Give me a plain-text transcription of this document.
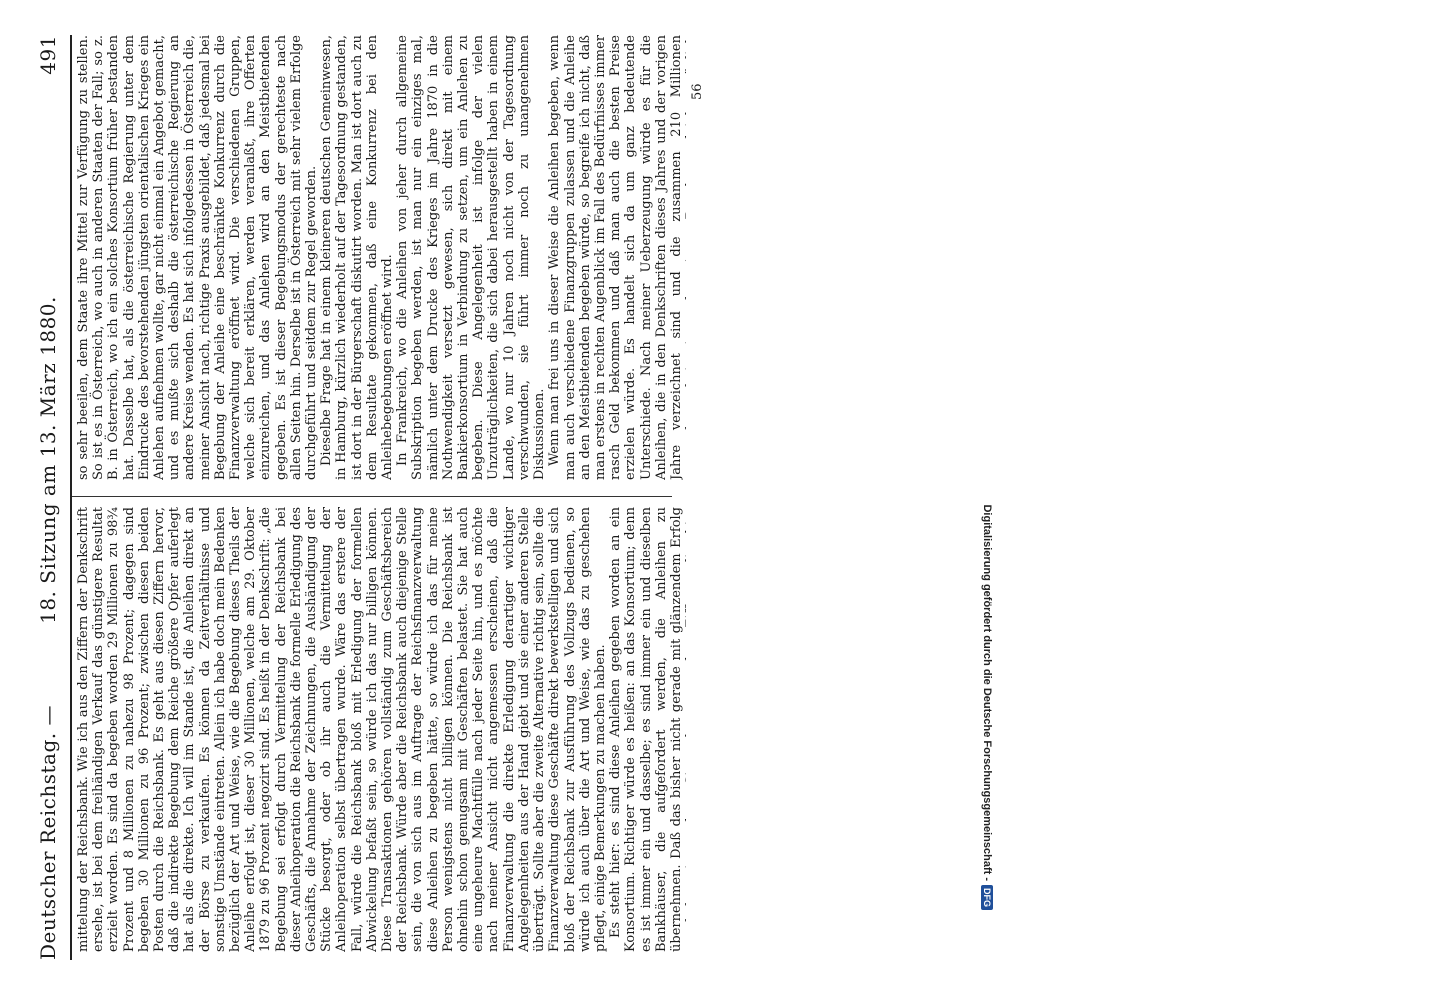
Deutscher Reichstag. —
18. Sitzung am 13. März 1880.
491

mittelung der Reichsbank. Wie ich aus den Ziffern der Denkschrift ersehe, ist bei dem freihändigen Verkauf das günstigere Resultat erzielt worden. Es sind da begeben worden 29 Millionen zu 98¾ Prozent und 8 Millionen zu nahezu 98 Prozent; dagegen sind begeben 30 Millionen zu 96 Prozent; zwischen diesen beiden Posten durch die Reichsbank. Es geht aus diesen Ziffern hervor, daß die indirekte Begebung dem Reiche größere Opfer auferlegt hat als die direkte. Ich will im Stande ist, die Anleihen direkt an der Börse zu verkaufen. Es können da Zeitverhältnisse und sonstige Umstände eintreten. Allein ich habe doch mein Bedenken bezüglich der Art und Weise, wie die Begebung dieses Theils der Anleihe erfolgt ist, dieser 30 Millionen, welche am 29. Oktober 1879 zu 96 Prozent negozirt sind. Es heißt in der Denkschrift: „die Begebung sei erfolgt durch Vermittelung der Reichsbank bei dieser Anleihoperation die Reichsbank die formelle Erledigung des Geschäfts, die Annahme der Zeichnungen, die Aushändigung der Stücke besorgt, oder ob ihr auch die Vermittelung der Anleihoperation selbst übertragen wurde. Wäre das erstere der Fall, würde die Reichsbank bloß mit Erledigung der formellen Abwickelung befaßt sein, so würde ich das nur billigen können. Diese Transaktionen gehören vollständig zum Geschäftsbereich der Reichsbank. Würde aber die Reichsbank auch diejenige Stelle sein, die von sich aus im Auftrage der Reichsfinanzverwaltung diese Anleihen zu begeben hätte, so würde ich das für meine Person wenigstens nicht billigen können. Die Reichsbank ist ohnehin schon genugsam mit Geschäften belastet. Sie hat auch eine ungeheure Machtfülle nach jeder Seite hin, und es möchte nach meiner Ansicht nicht angemessen erscheinen, daß die Finanzverwaltung die direkte Erledigung derartiger wichtiger Angelegenheiten aus der Hand giebt und sie einer anderen Stelle überträgt. Sollte aber die zweite Alternative richtig sein, sollte die Finanzverwaltung diese Geschäfte direkt bewerkstelligen und sich bloß der Reichsbank zur Ausführung des Vollzugs bedienen, so würde ich auch über die Art und Weise, wie das zu geschehen pflegt, einige Bemerkungen zu machen haben. Es steht hier: es sind diese Anleihen gegeben worden an ein Konsortium. Richtiger würde es heißen: an das Konsortium; denn es ist immer ein und dasselbe; es sind immer ein und dieselben Bankhäuser, die aufgefordert werden, die Anleihen zu übernehmen. Daß das bisher nicht gerade mit glänzendem Erfolg

so sehr beeilen, dem Staate ihre Mittel zur Verfügung zu stellen. So ist es in Österreich, wo auch in anderen Staaten der Fall; so z. B. in Österreich, wo ich ein solches Konsortium früher bestanden hat. Dasselbe hat, als die österreichische Regierung unter dem Eindrucke des bevorstehenden jüngsten orientalischen Krieges ein Anlehen aufnehmen wollte, gar nicht einmal ein Angebot gemacht, und es mußte sich deshalb die österreichische Regierung an andere Kreise wenden. Es hat sich infolgedessen in Österreich die, meiner Ansicht nach, richtige Praxis ausgebildet, daß jedesmal bei Begebung der Anleihe eine beschränkte Konkurrenz durch die Finanzverwaltung eröffnet wird. Die verschiedenen Gruppen, welche sich bereit erklären, werden veranlaßt, ihre Offerten einzureichen, und das Anlehen wird an den Meistbietenden gegeben. Es ist dieser Begebungsmodus der gerechteste nach allen Seiten hin. Derselbe ist in Österreich mit sehr vielem Erfolge durchgeführt und seitdem zur Regel geworden. Dieselbe Frage hat in einem kleineren deutschen Gemeinwesen, in Hamburg, kürzlich wiederholt auf der Tagesordnung gestanden, ist dort in der Bürgerschaft diskutirt worden. Man ist dort auch zu dem Resultate gekommen, daß eine Konkurrenz bei den Anleihebegebungen eröffnet wird. In Frankreich, wo die Anleihen von jeher durch allgemeine Subskription begeben werden, ist man nur ein einziges mal, nämlich unter dem Drucke des Krieges im Jahre 1870 in die Nothwendigkeit versetzt gewesen, sich direkt mit einem Bankierkonsortium in Verbindung zu setzen, um ein Anlehen zu begeben. Diese Angelegenheit ist infolge der vielen Unzuträglichkeiten, die sich dabei herausgestellt haben in einem Lande, wo nur 10 Jahren noch nicht von der Tagesordnung verschwunden, sie führt immer noch zu unangenehmen Diskussionen. Wenn man frei uns in dieser Weise die Anleihen begeben, wenn man auch verschiedene Finanzgruppen zulassen und die Anleihe an den Meistbietenden begeben würde, so begreife ich nicht, daß man erstens in rechten Augenblick im Fall des Bedürfnisses immer rasch Geld bekommen und daß man auch die besten Preise erzielen würde. Es handelt sich da um ganz bedeutende Unterschiede. Nach meiner Ueberzeugung würde es für die Anleihen, die in den Denkschriften dieses Jahres und der vorigen Jahre verzeichnet sind und die zusammen 210 Millionen 56
Digitalisierung gefördert durch die Deutsche Forschungsgemeinschaft -
DFG
